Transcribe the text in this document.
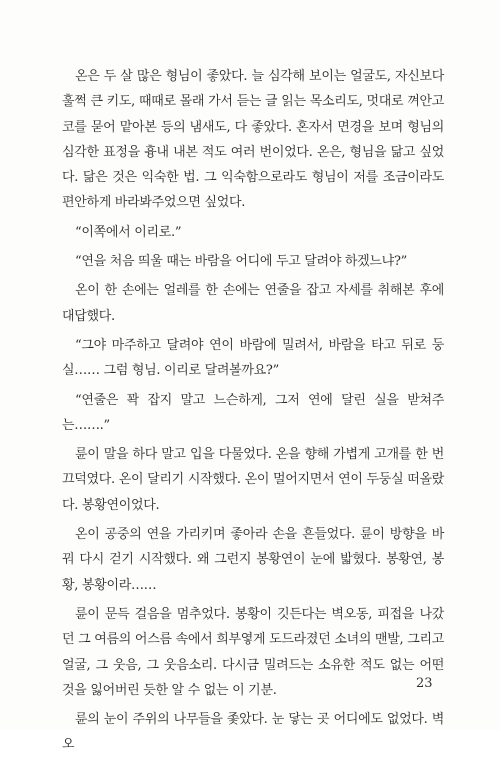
온은 두 살 많은 형님이 좋았다. 늘 심각해 보이는 얼굴도, 자신보다 훌쩍 큰 키도, 때때로 몰래 가서 듣는 글 읽는 목소리도, 멋대로 껴안고 코를 묻어 맡아본 등의 냄새도, 다 좋았다. 혼자서 면경을 보며 형님의 심각한 표정을 흉내 내본 적도 여러 번이었다. 온은, 형님을 닮고 싶었다. 닮은 것은 익숙한 법. 그 익숙함으로라도 형님이 저를 조금이라도 편안하게 바라봐주었으면 싶었다.

“이쪽에서 이리로.”

“연을 처음 띄울 때는 바람을 어디에 두고 달려야 하겠느냐?”

온이 한 손에는 얼레를 한 손에는 연줄을 잡고 자세를 취해본 후에 대답했다.

“그야 마주하고 달려야 연이 바람에 밀려서, 바람을 타고 뒤로 둥실…… 그럼 형님. 이리로 달려볼까요?”

“연줄은 꽉 잡지 말고 느슨하게, 그저 연에 달린 실을 받쳐주는…….”

륜이 말을 하다 말고 입을 다물었다. 온을 향해 가볍게 고개를 한 번 끄덕였다. 온이 달리기 시작했다. 온이 멀어지면서 연이 두둥실 떠올랐다. 봉황연이었다.

온이 공중의 연을 가리키며 좋아라 손을 흔들었다. 륜이 방향을 바꿔 다시 걷기 시작했다. 왜 그런지 봉황연이 눈에 밟혔다. 봉황연, 봉황, 봉황이라……

륜이 문득 걸음을 멈추었다. 봉황이 깃든다는 벽오동, 피접을 나갔던 그 여름의 어스름 속에서 희부옇게 도드라졌던 소녀의 맨발, 그리고 얼굴, 그 웃음, 그 웃음소리. 다시금 밀려드는 소유한 적도 없는 어떤 것을 잃어버린 듯한 알 수 없는 이 기분.

륜의 눈이 주위의 나무들을 좇았다. 눈 닿는 곳 어디에도 없었다. 벽오

23
